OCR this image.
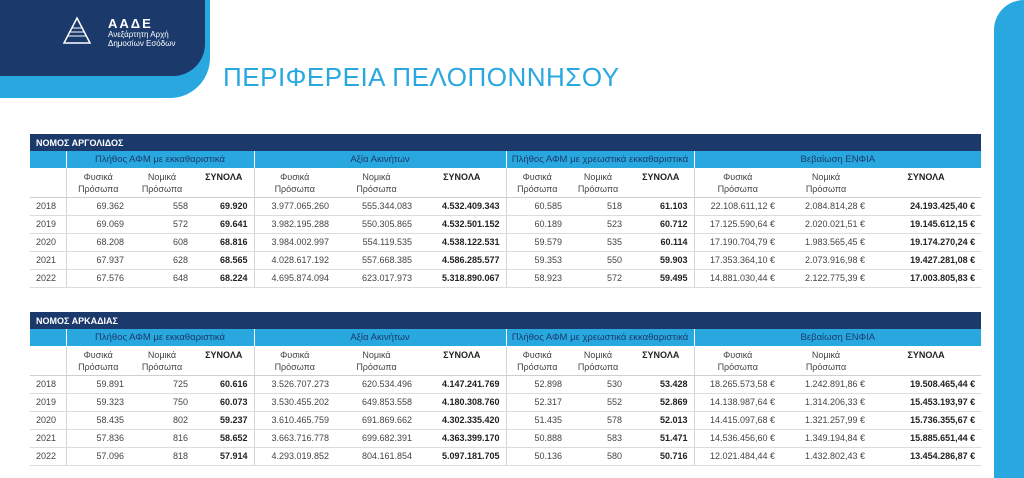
ΑΑΔΕ
Ανεξάρτητη Αρχή
Δημοσίων Εσόδων
ΠΕΡΙΦΕΡΕΙΑ ΠΕΛΟΠΟΝΝΗΣΟΥ
ΝΟΜΟΣ ΑΡΓΟΛΙΔΟΣ												
	Πλήθος ΑΦΜ με εκκαθαριστικά			Αξία Ακινήτων			Πλήθος ΑΦΜ με χρεωστικά εκκαθαριστικά			Βεβαίωση ΕΝΦΙΑ		
	Φυσικά
Πρόσωπα	Νομικά
Πρόσωπα	ΣΥΝΟΛΑ	Φυσικά
Πρόσωπα	Νομικά
Πρόσωπα	ΣΥΝΟΛΑ	Φυσικά
Πρόσωπα	Νομικά
Πρόσωπα	ΣΥΝΟΛΑ	Φυσικά
Πρόσωπα	Νομικά
Πρόσωπα	ΣΥΝΟΛΑ
2018	69.362	558	69.920	3.977.065.260	555.344.083	4.532.409.343	60.585	518	61.103	22.108.611,12 €	2.084.814,28 €	24.193.425,40 €
2019	69.069	572	69.641	3.982.195.288	550.305.865	4.532.501.152	60.189	523	60.712	17.125.590,64 €	2.020.021,51 €	19.145.612,15 €
2020	68.208	608	68.816	3.984.002.997	554.119.535	4.538.122.531	59.579	535	60.114	17.190.704,79 €	1.983.565,45 €	19.174.270,24 €
2021	67.937	628	68.565	4.028.617.192	557.668.385	4.586.285.577	59.353	550	59.903	17.353.364,10 €	2.073.916,98 €	19.427.281,08 €
2022	67.576	648	68.224	4.695.874.094	623.017.973	5.318.890.067	58.923	572	59.495	14.881.030,44 €	2.122.775,39 €	17.003.805,83 €
ΝΟΜΟΣ ΑΡΚΑΔΙΑΣ												
	Πλήθος ΑΦΜ με εκκαθαριστικά			Αξία Ακινήτων			Πλήθος ΑΦΜ με χρεωστικά εκκαθαριστικά			Βεβαίωση ΕΝΦΙΑ		
	Φυσικά
Πρόσωπα	Νομικά
Πρόσωπα	ΣΥΝΟΛΑ	Φυσικά
Πρόσωπα	Νομικά
Πρόσωπα	ΣΥΝΟΛΑ	Φυσικά
Πρόσωπα	Νομικά
Πρόσωπα	ΣΥΝΟΛΑ	Φυσικά
Πρόσωπα	Νομικά
Πρόσωπα	ΣΥΝΟΛΑ
2018	59.891	725	60.616	3.526.707.273	620.534.496	4.147.241.769	52.898	530	53.428	18.265.573,58 €	1.242.891,86 €	19.508.465,44 €
2019	59.323	750	60.073	3.530.455.202	649.853.558	4.180.308.760	52.317	552	52.869	14.138.987,64 €	1.314.206,33 €	15.453.193,97 €
2020	58.435	802	59.237	3.610.465.759	691.869.662	4.302.335.420	51.435	578	52.013	14.415.097,68 €	1.321.257,99 €	15.736.355,67 €
2021	57.836	816	58.652	3.663.716.778	699.682.391	4.363.399.170	50.888	583	51.471	14.536.456,60 €	1.349.194,84 €	15.885.651,44 €
2022	57.096	818	57.914	4.293.019.852	804.161.854	5.097.181.705	50.136	580	50.716	12.021.484,44 €	1.432.802,43 €	13.454.286,87 €
